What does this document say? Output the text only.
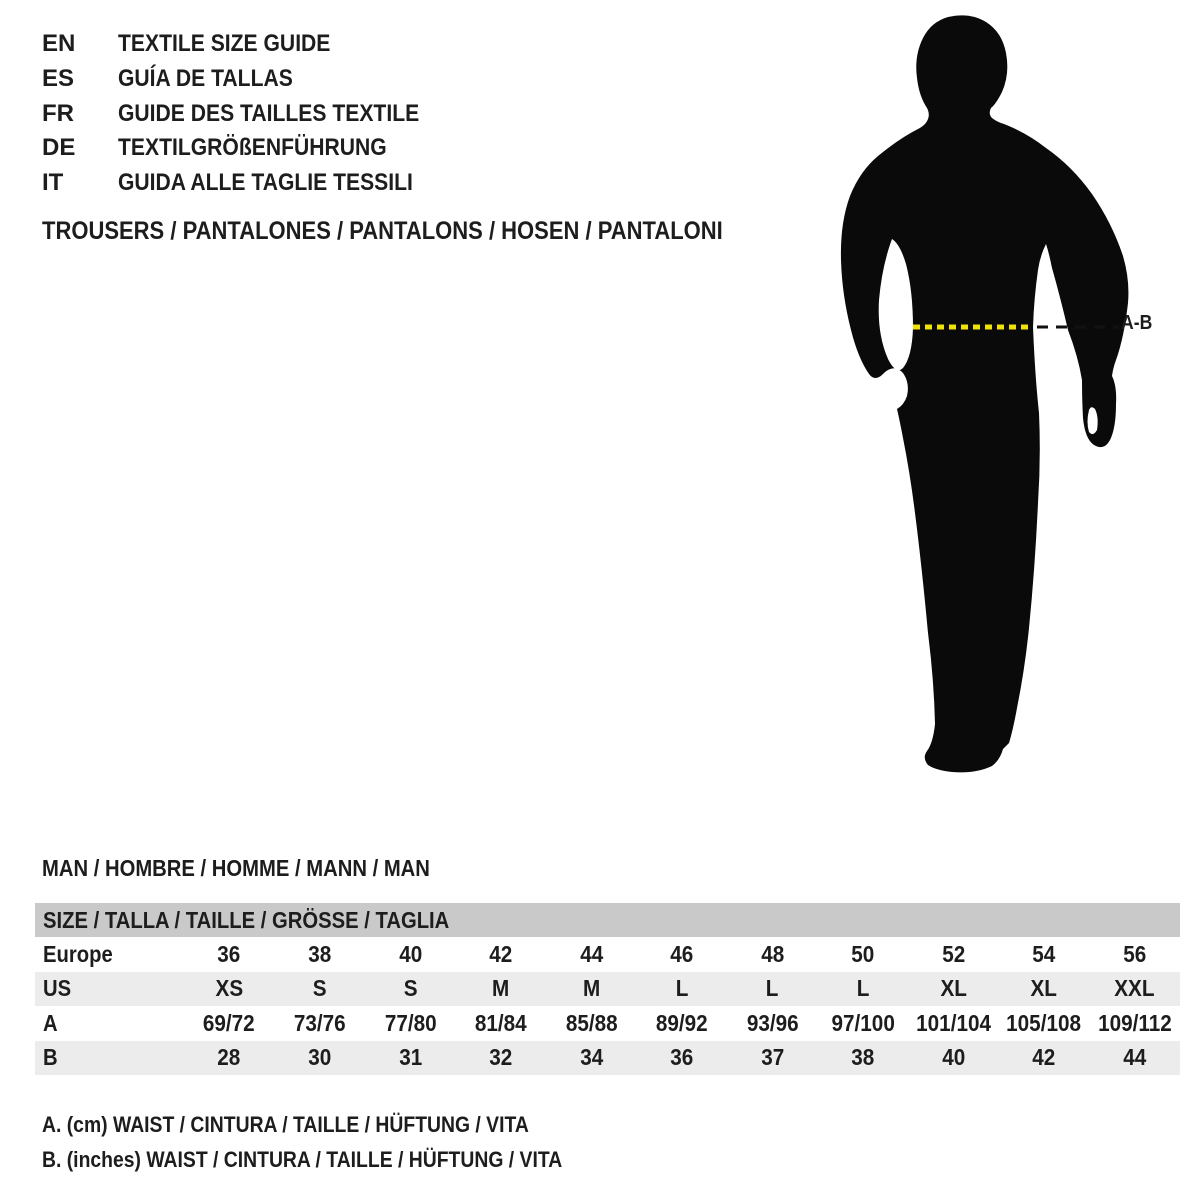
EN	TEXTILE SIZE GUIDE
ES	GUÍA DE TALLAS
FR	GUIDE DES TAILLES TEXTILE
DE	TEXTILGRÖßENFÜHRUNG
IT	GUIDA ALLE TAGLIE TESSILI
TROUSERS / PANTALONES / PANTALONS / HOSEN / PANTALONI
A-B
MAN / HOMBRE / HOMME / MANN / MAN
SIZE / TALLA / TAILLE / GRÖSSE / TAGLIA											
Europe	36	38	40	42	44	46	48	50	52	54	56
US	XS	S	S	M	M	L	L	L	XL	XL	XXL
A	69/72	73/76	77/80	81/84	85/88	89/92	93/96	97/100	101/104	105/108	109/112
B	28	30	31	32	34	36	37	38	40	42	44
A. (cm) WAIST / CINTURA / TAILLE / HÜFTUNG / VITA
B. (inches) WAIST / CINTURA / TAILLE / HÜFTUNG / VITA
